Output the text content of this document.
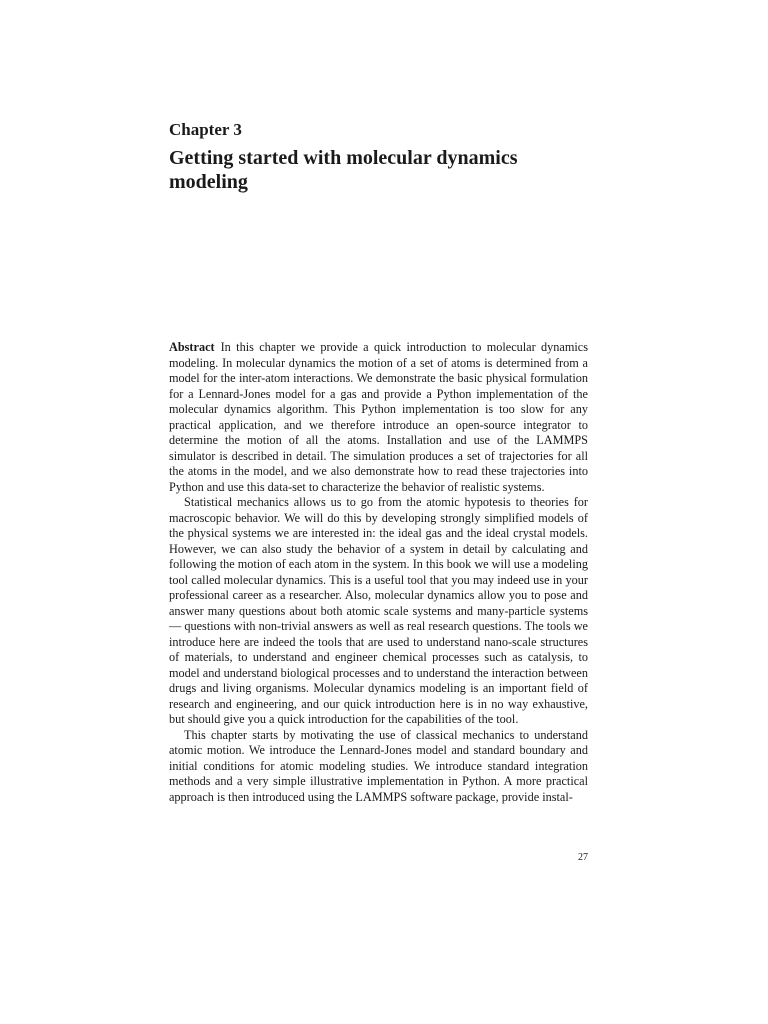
Chapter 3
Getting started with molecular dynamics modeling

Abstract In this chapter we provide a quick introduction to molecular dynamics modeling. In molecular dynamics the motion of a set of atoms is determined from a model for the inter-atom interactions. We demonstrate the basic physical formulation for a Lennard-Jones model for a gas and provide a Python implementation of the molecular dynamics algorithm. This Python implementation is too slow for any practical application, and we therefore introduce an open-source integrator to determine the motion of all the atoms. Installation and use of the LAMMPS simulator is described in detail. The simulation produces a set of trajectories for all the atoms in the model, and we also demonstrate how to read these trajectories into Python and use this data-set to characterize the behavior of realistic systems.

Statistical mechanics allows us to go from the atomic hypotesis to theories for macroscopic behavior. We will do this by developing strongly simplified models of the physical systems we are interested in: the ideal gas and the ideal crystal models. However, we can also study the behavior of a system in detail by calculating and following the motion of each atom in the system. In this book we will use a modeling tool called molecular dynamics. This is a useful tool that you may indeed use in your professional career as a researcher. Also, molecular dynamics allow you to pose and answer many questions about both atomic scale systems and many-particle systems — questions with non-trivial answers as well as real research questions. The tools we introduce here are indeed the tools that are used to understand nano-scale structures of materials, to understand and engineer chemical processes such as catalysis, to model and understand biological processes and to understand the interaction between drugs and living organisms. Molecular dynamics modeling is an important field of research and engineering, and our quick introduction here is in no way exhaustive, but should give you a quick introduction for the capabilities of the tool.

This chapter starts by motivating the use of classical mechanics to understand atomic motion. We introduce the Lennard-Jones model and standard boundary and initial conditions for atomic modeling studies. We introduce standard integration methods and a very simple illustrative implementation in Python. A more practical approach is then introduced using the LAMMPS software package, provide instal-

27
